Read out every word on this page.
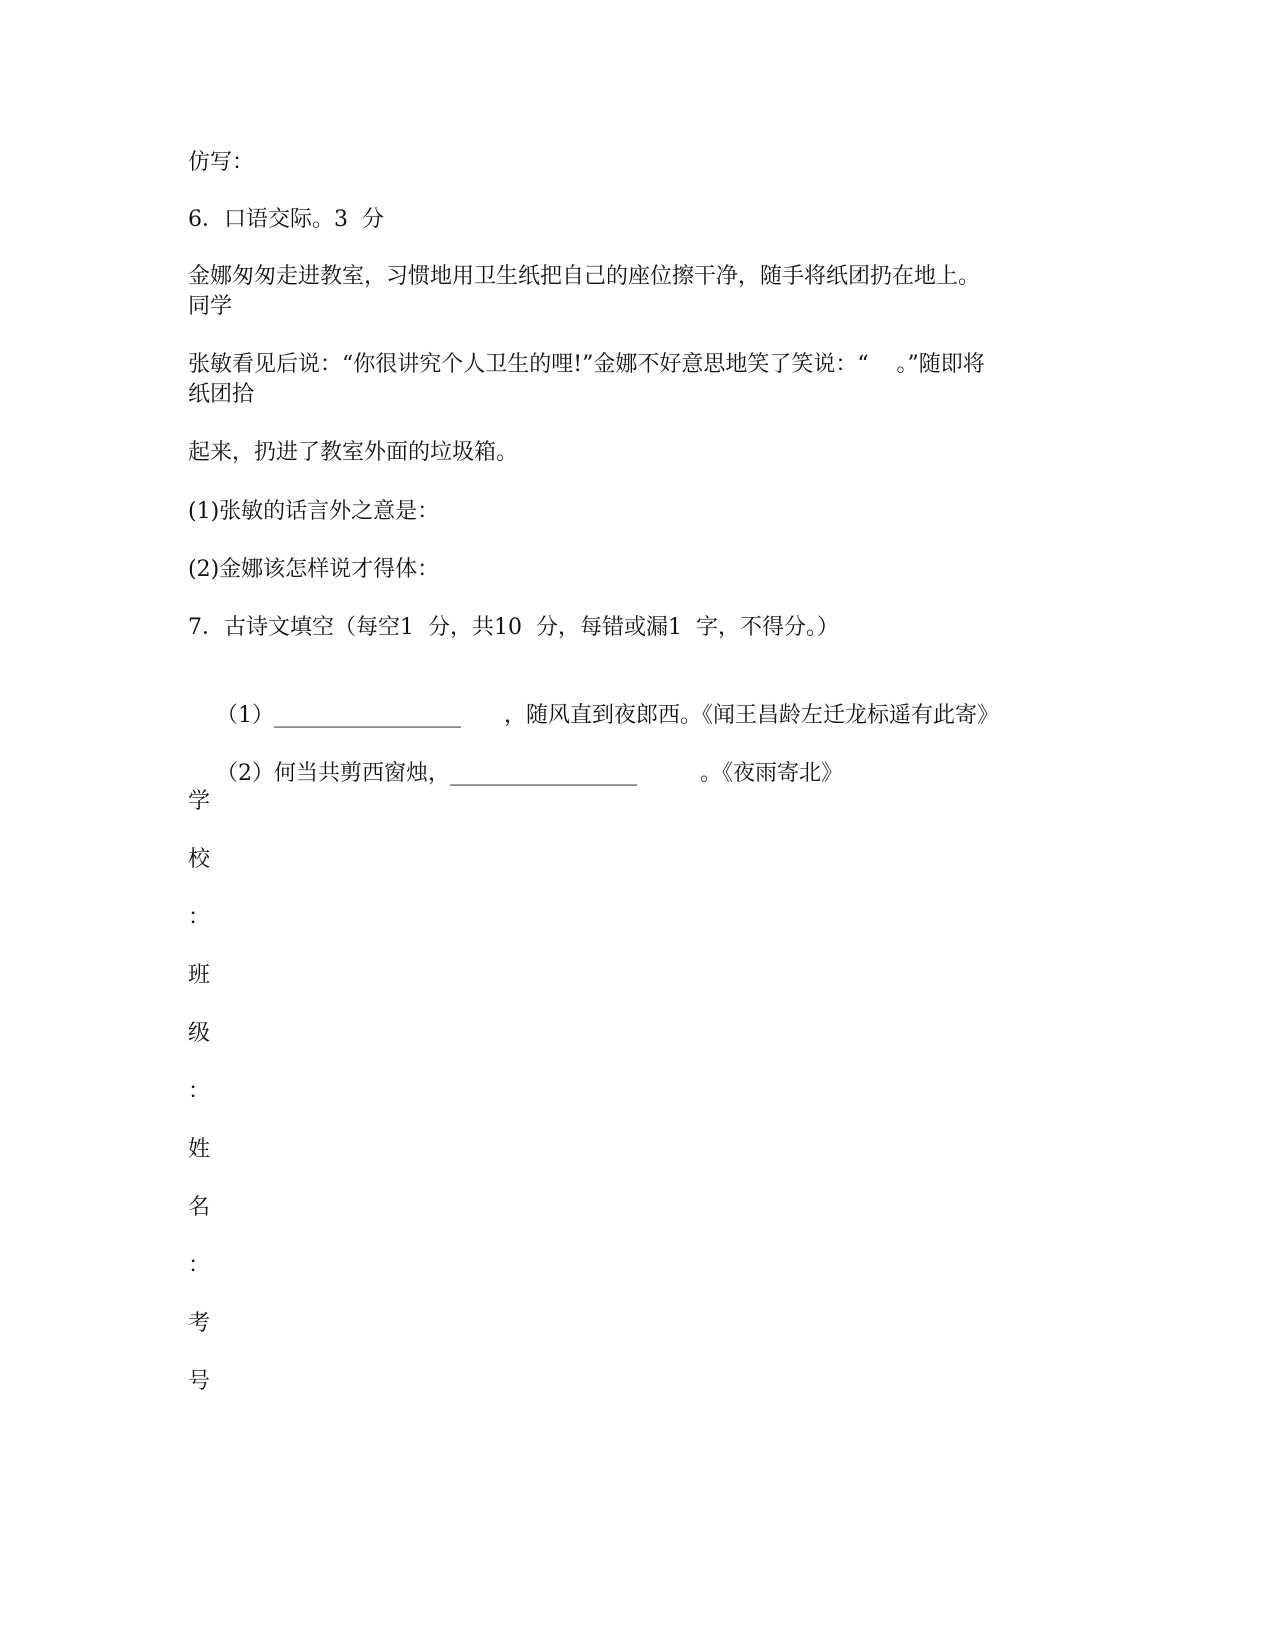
仿写：
6．口语交际。3  分
金娜匆匆走进教室，习惯地用卫生纸把自己的座位擦干净，随手将纸团扔在地上。
同学
张敏看见后说：“你很讲究个人卫生的哩!”金娜不好意思地笑了笑说：“    。”随即将
纸团拾
起来，扔进了教室外面的垃圾箱。
(1)张敏的话言外之意是：
(2)金娜该怎样说才得体：
7．古诗文填空（每空1  分，共10  分，每错或漏1  字，不得分。）

（1）_________________ ，随风直到夜郎西。《闻王昌龄左迁龙标遥有此寄》

（2）何当共剪西窗烛，_________________	。《夜雨寄北》

学
校
：
班
级
：
姓
名
：
考
号
